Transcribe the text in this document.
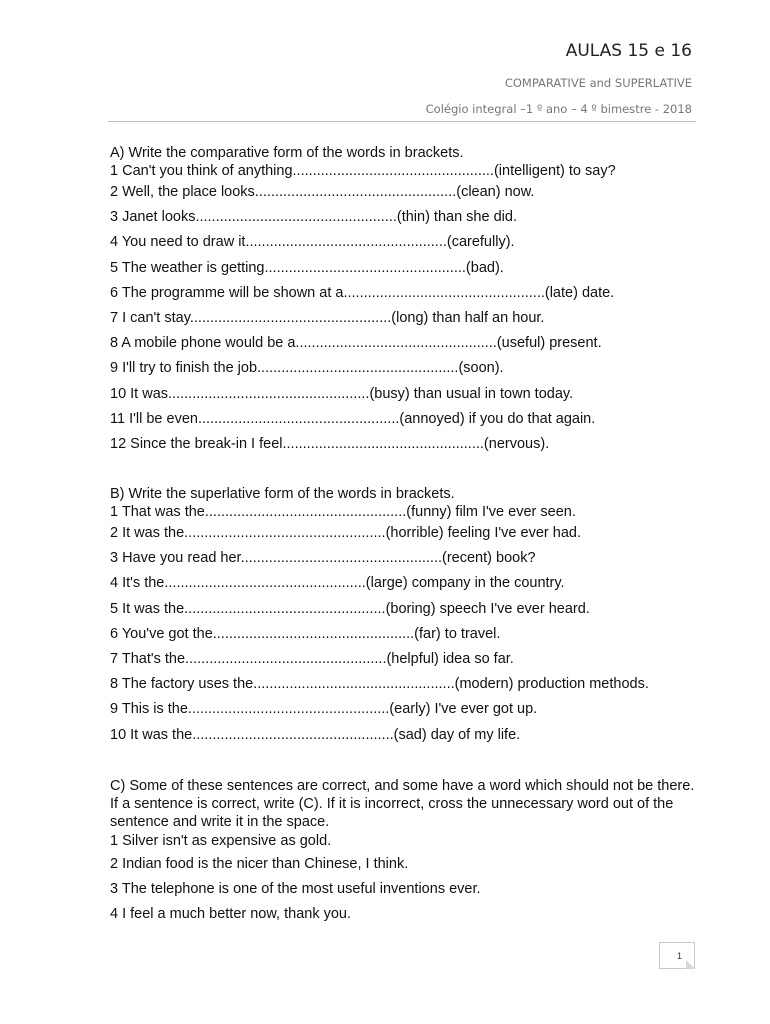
AULAS 15 e 16
COMPARATIVE and SUPERLATIVE
Colégio integral –1 º ano – 4 º bimestre - 2018

A) Write the comparative form of the words in brackets.

1 Can't you think of anything..................................................(intelligent) to say?
2 Well, the place looks..................................................(clean) now.
3 Janet looks..................................................(thin) than she did.
4 You need to draw it..................................................(carefully).
5 The weather is getting..................................................(bad).
6 The programme will be shown at a..................................................(late) date.
7 I can't stay..................................................(long) than half an hour.
8 A mobile phone would be a..................................................(useful) present.
9 I'll try to finish the job..................................................(soon).
10 It was..................................................(busy) than usual in town today.
11 I'll be even..................................................(annoyed) if you do that again.
12 Since the break-in I feel..................................................(nervous).

B) Write the superlative form of the words in brackets.

1 That was the..................................................(funny) film I've ever seen.
2 It was the..................................................(horrible) feeling I've ever had.
3 Have you read her..................................................(recent) book?
4 It's the..................................................(large) company in the country.
5 It was the..................................................(boring) speech I've ever heard.
6 You've got the..................................................(far) to travel.
7 That's the..................................................(helpful) idea so far.
8 The factory uses the..................................................(modern) production methods.
9 This is the..................................................(early) I've ever got up.
10 It was the..................................................(sad) day of my life.

C) Some of these sentences are correct, and some have a word which should not be there. If a sentence is correct, write (C). If it is incorrect, cross the unnecessary word out of the sentence and write it in the space.

1 Silver isn't as expensive as gold.
2 Indian food is the nicer than Chinese, I think.
3 The telephone is one of the most useful inventions ever.
4 I feel a much better now, thank you.
1
